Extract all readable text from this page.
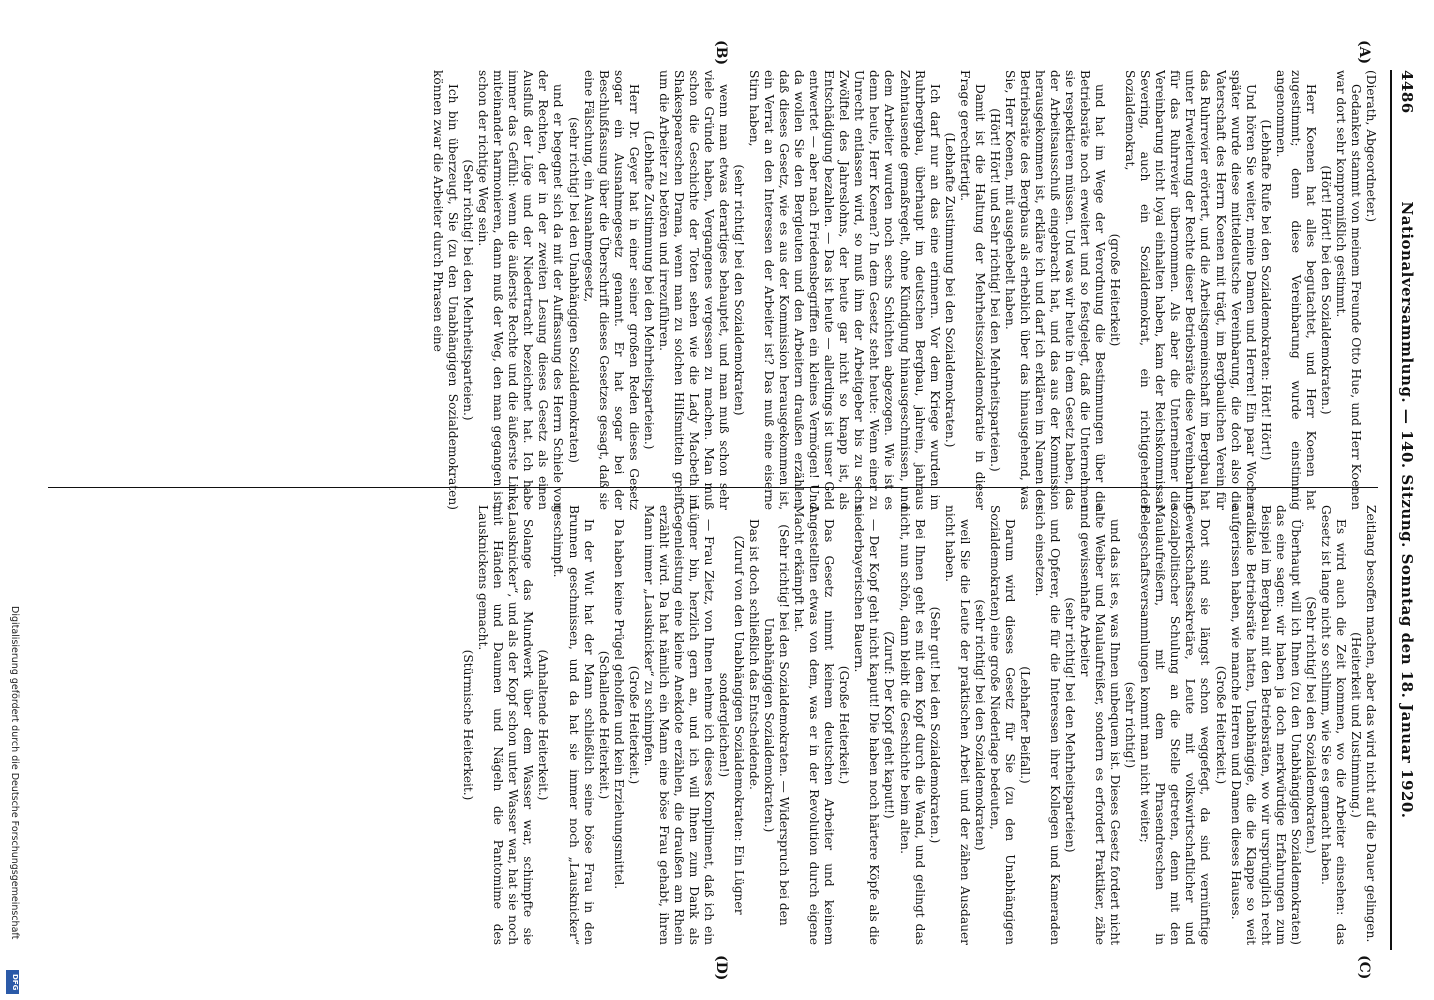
4486
Nationalversammlung. — 140. Sitzung. Sonntag den 18. Januar 1920.

(Dierath, Abgeordneter.)

Gedanken stammt von meinem Freunde Otto Hue, und Herr Koenen war dort sehr kompromißlich gestimmt.

(Hört! Hört! bei den Sozialdemokraten.)

Herr Koenen hat alles begutachtet, und Herr Koenen hat zugestimmt; denn diese Vereinbarung wurde einstimmig angenommen.

(Lebhafte Rufe bei den Sozialdemokraten: Hört! Hört!)

Und hören Sie weiter, meine Damen und Herren! Ein paar Wochen später wurde diese mitteldeutsche Vereinbarung, die doch also die Vaterschaft des Herrn Koenen mit trägt, im Bergbaulichen Verein für das Ruhrrevier erörtert, und die Arbeitsgemeinschaft im Bergbau hat unter Erweiterung der Rechte dieser Betriebsräte diese Vereinbarung für das Ruhrrevier übernommen. Als aber die Unternehmer die Vereinbarung nicht loyal einhalten haben, kam der Reichskommissar Severing, auch ein Sozialdemokrat, ein richtiggehender Sozialdemokrat,

(große Heiterkeit)

und hat im Wege der Verordnung die Bestimmungen über die Betriebsräte noch erweitert und so festgelegt, daß die Unternehmer sie respektieren müssen. Und was wir heute in dem Gesetz haben, das der Arbeitsausschuß eingebracht hat, und das aus der Kommission herausgekommen ist, erkläre ich und darf ich erklären im Namen der Betriebsräte des Bergbaus als erheblich über das hinausgehend, was Sie, Herr Koenen, mit ausgehebelt haben.

(Hört! Hört! und Sehr richtig! bei den Mehrheitsparteien.)

Damit ist die Haltung der Mehrheitssozialdemokratie in dieser Frage gerechtfertigt.

(Lebhafte Zustimmung bei den Sozialdemokraten.)

Ich darf nur an das eine erinnern. Vor dem Kriege wurden im Ruhrbergbau, überhaupt im deutschen Bergbau, jahrein, jahraus Zehntausende gemaßregelt, ohne Kündigung hinausgeschmissen, und dem Arbeiter wurden noch sechs Schichten abgezogen. Wie ist es denn heute, Herr Koenen? In dem Gesetz steht heute: Wenn einer zu Unrecht entlassen wird, so muß ihm der Arbeitgeber bis zu sechs Zwölftel des Jahreslohns, der heute gar nicht so knapp ist, als Entschädigung bezahlen. — Das ist heute — allerdings ist unser Geld entwertet — aber nach Friedensbegriffen ein kleines Vermögen! Und da wollen Sie den Bergleuten und den Arbeitern draußen erzählen, daß dieses Gesetz, wie es aus der Kommission herausgekommen ist, ein Verrat an den Interessen der Arbeiter ist? Das muß eine eiserne Stirn haben,

(sehr richtig! bei den Sozialdemokraten)

wenn man etwas derartiges behauptet, und man muß schon sehr viele Gründe haben, Vergangenes vergessen zu machen. Man muß schon die Geschichte der Toten sehen wie die Lady Macbeth im Shakespeareschen Drama, wenn man zu solchen Hilfsmitteln greift, um die Arbeiter zu betören und irrezuführen.

(Lebhafte Zustimmung bei den Mehrheitsparteien.)

Herr Dr. Geyer hat in einer seiner großen Reden dieses Gesetz sogar ein Ausnahmegesetz genannt. Er hat sogar bei der Beschlußfassung über die Überschrift dieses Gesetzes gesagt, daß sie eine Fälschung, ein Ausnahmegesetz,

(sehr richtig! bei den Unabhängigen Sozialdemokraten)

und er begegnet sich da mit der Auffassung des Herrn Schiele von der Rechten, der in der zweiten Lesung dieses Gesetz als einen Ausfluß der Lüge und der Niedertracht bezeichnet hat. Ich habe immer das Gefühl: wenn die äußerste Rechte und die äußerste Linke miteinander harmonieren, dann muß der Weg, den man gegangen ist, schon der richtige Weg sein.

(Sehr richtig! bei den Mehrheitsparteien.)

Ich bin überzeugt, Sie (zu den Unabhängigen Sozialdemokraten) können zwar die Arbeiter durch Phrasen eine

Zeitlang besoffen machen, aber das wird nicht auf die Dauer gelingen.

(Heiterkeit und Zustimmung.)

Es wird auch die Zeit kommen, wo die Arbeiter einsehen: das Gesetz ist lange nicht so schlimm, wie Sie es gemacht haben.

(Sehr richtig! bei den Sozialdemokraten.)

Überhaupt will ich Ihnen (zu den Unabhängigen Sozialdemokraten) das eine sagen: wir haben ja doch merkwürdige Erfahrungen zum Beispiel im Bergbau mit den Betriebsräten, wo wir ursprünglich recht radikale Betriebsräte hatten, Unabhängige, die die Klappe so weit aufgerissen haben, wie manche Herren und Damen dieses Hauses.

(Große Heiterkeit.)

Dort sind sie längst schon weggefegt, da sind vernünftige Gewerkschaftssekretäre, Leute mit volkswirtschaftlicher und sozialpolitischer Schulung an die Stelle getreten, denn mit den Maulaufreißern, mit dem Phrasendreschen in Belegschaftsversammlungen kommt man nicht weiter;

(sehr richtig!)

und das ist es, was Ihnen unbequem ist. Dieses Gesetz fordert nicht alte Weiber und Maulaufreißer, sondern es erfordert Praktiker, zähe und gewissenhafte Arbeiter

(sehr richtig! bei den Mehrheitsparteien)

und Opferer, die für die Interessen ihrer Kollegen und Kameraden sich einsetzen.

(Lebhafter Beifall.)

Darum wird dieses Gesetz für Sie (zu den Unabhängigen Sozialdemokraten) eine große Niederlage bedeuten,

(sehr richtig! bei den Sozialdemokraten)

weil Sie die Leute der praktischen Arbeit und der zähen Ausdauer nicht haben.

(Sehr gut! bei den Sozialdemokraten.)

Bei Ihnen geht es mit dem Kopf durch die Wand, und gelingt das nicht, nun schön, dann bleibt die Geschichte beim alten.

(Zuruf: Der Kopf geht kaputt!)

— Der Kopf geht nicht kaputt! Die haben noch härtere Köpfe als die niederbayerischen Bauern.

(Große Heiterkeit.)

Das Gesetz nimmt keinem deutschen Arbeiter und keinem Angestellten etwas von dem, was er in der Revolution durch eigene Macht erkämpft hat.

(Sehr richtig! bei den Sozialdemokraten. — Widerspruch bei den Unabhängigen Sozialdemokraten.)

Das ist doch schließlich das Entscheidende.

(Zuruf von den Unabhängigen Sozialdemokraten: Ein Lügner sondergleichen!)

— Frau Zietz, von Ihnen nehme ich dieses Kompliment, daß ich ein Lügner bin, herzlich gern an, und ich will Ihnen zum Dank als Gegenleistung eine kleine Anekdote erzählen, die draußen am Rhein erzählt wird. Da hat nämlich ein Mann eine böse Frau gehabt, ihren Mann immer „Lausknicker“ zu schimpfen.

(Große Heiterkeit.)

Da haben keine Prügel geholfen und kein Erziehungsmittel.

(Schallende Heiterkeit.)

In der Wut hat der Mann schließlich seine böse Frau in den Brunnen geschmissen, und da hat sie immer noch „Lausknicker“ geschimpft.

(Anhaltende Heiterkeit.)

Solange das Mundwerk über dem Wasser war, schimpfte sie „Lausknicker“, und als der Kopf schon unter Wasser war, hat sie noch mit Händen und Daumen und Nägeln die Pantomime des Lausknickens gemacht.

(Stürmische Heiterkeit.)

(A)
(B)
(C)
(D)
Digitalisierung gefördert durch die Deutsche Forschungsgemeinschaft
DFG
